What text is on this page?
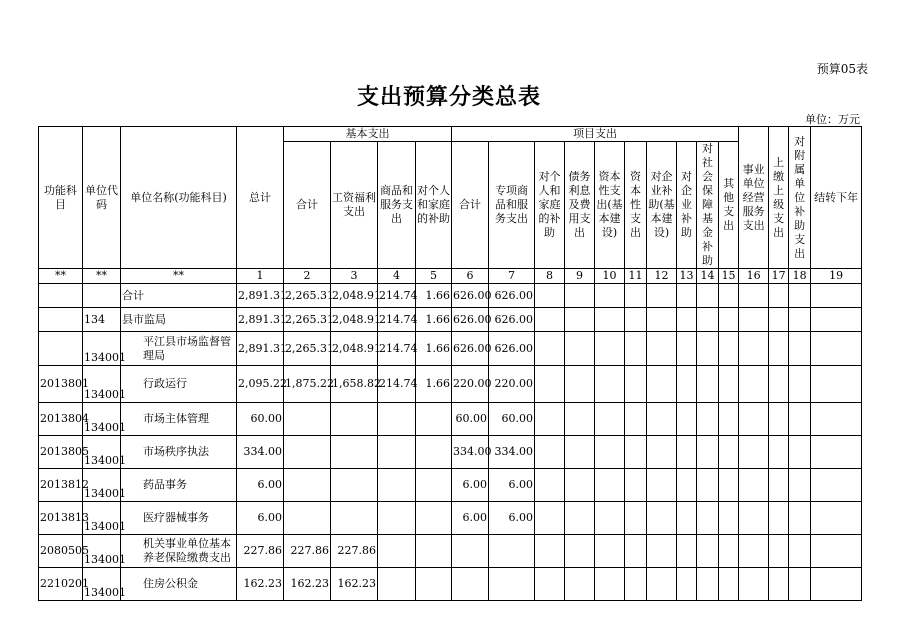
预算05表
支出预算分类总表
单位：万元
功能科目	单位代码	单位名称(功能科目)	总计	基本支出				项目支出										事业单位经营服务支出	上缴上级支出	对附属单位补助支出	结转下年	
				合计	工资福利支出	商品和服务支出	对个人和家庭的补助	合计	专项商品和服务支出	对个人和家庭的补助	债务利息及费用支出	资本性支出(基本建设)	资本性支出	对企业补助(基本建设)	对企业补助	对社会保障基金补助	其他支出					
**	**	**	1	2	3	4	5	6	7	8	9	10	11	12	13	14	15	16	17	18	19	
		合计	2,891.31	2,265.31	2,048.91	214.74	1.66	626.00	626.00															
	134	县市监局	2,891.31	2,265.31	2,048.91	214.74	1.66	626.00	626.00															
	134001	平江县市场监督管理局	2,891.31	2,265.31	2,048.91	214.74	1.66	626.00	626.00															
2013801	134001	行政运行	2,095.22	1,875.22	1,658.82	214.74	1.66	220.00	220.00															
2013804	134001	市场主体管理	60.00					60.00	60.00															
2013805	134001	市场秩序执法	334.00					334.00	334.00															
2013812	134001	药品事务	6.00					6.00	6.00															
2013813	134001	医疗器械事务	6.00					6.00	6.00															
2080505	134001	机关事业单位基本养老保险缴费支出	227.86	227.86	227.86																			
2210201	134001	住房公积金	162.23	162.23	162.23																			
